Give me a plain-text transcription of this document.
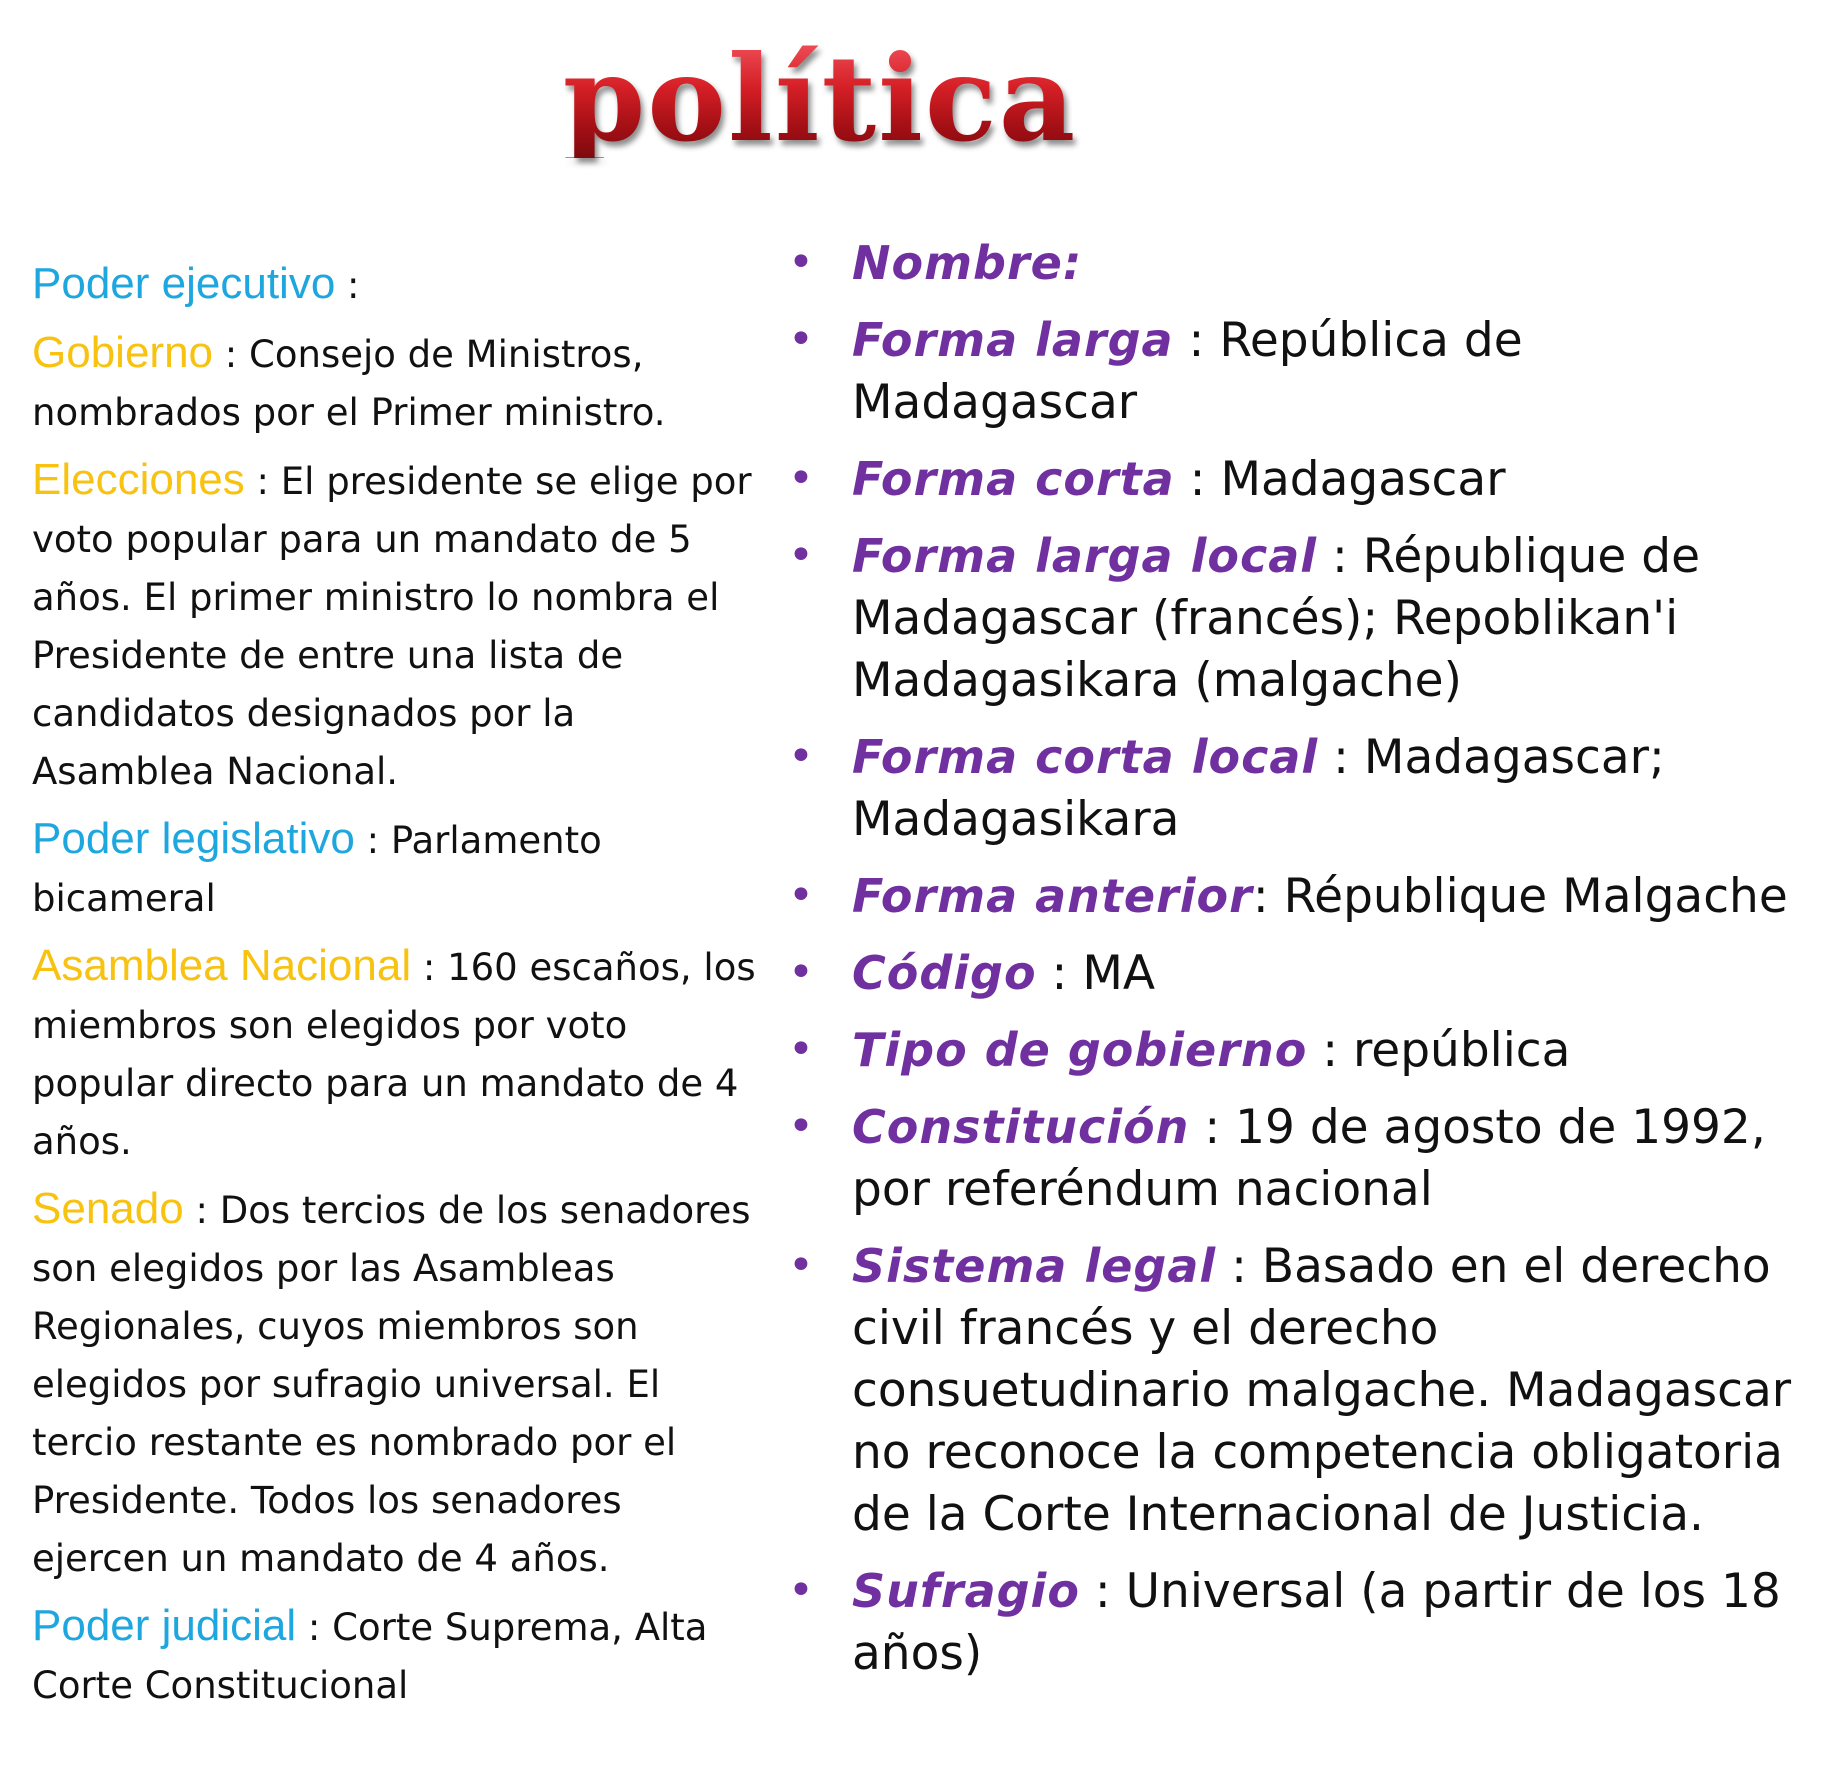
política

Poder ejecutivo :

Gobierno : Consejo de Ministros, nombrados por el Primer ministro.

Elecciones : El presidente se elige por voto popular para un mandato de 5 años. El primer ministro lo nombra el Presidente de entre una lista de candidatos designados por la Asamblea Nacional.

Poder legislativo : Parlamento bicameral

Asamblea Nacional : 160 escaños, los miembros son elegidos por voto popular directo para un mandato de 4 años.

Senado : Dos tercios de los senadores son elegidos por las Asambleas Regionales, cuyos miembros son elegidos por sufragio universal. El tercio restante es nombrado por el Presidente. Todos los senadores ejercen un mandato de 4 años.

Poder judicial : Corte Suprema, Alta Corte Constitucional

• Nombre:
• Forma larga : República de Madagascar
• Forma corta : Madagascar
• Forma larga local : République de Madagascar (francés); Repoblikan'i Madagasikara (malgache)
• Forma corta local : Madagascar; Madagasikara
• Forma anterior: République Malgache
• Código : MA
• Tipo de gobierno : república
• Constitución : 19 de agosto de 1992, por referéndum nacional
• Sistema legal : Basado en el derecho civil francés y el derecho consuetudinario malgache. Madagascar no reconoce la competencia obligatoria de la Corte Internacional de Justicia.
• Sufragio : Universal (a partir de los 18 años)
